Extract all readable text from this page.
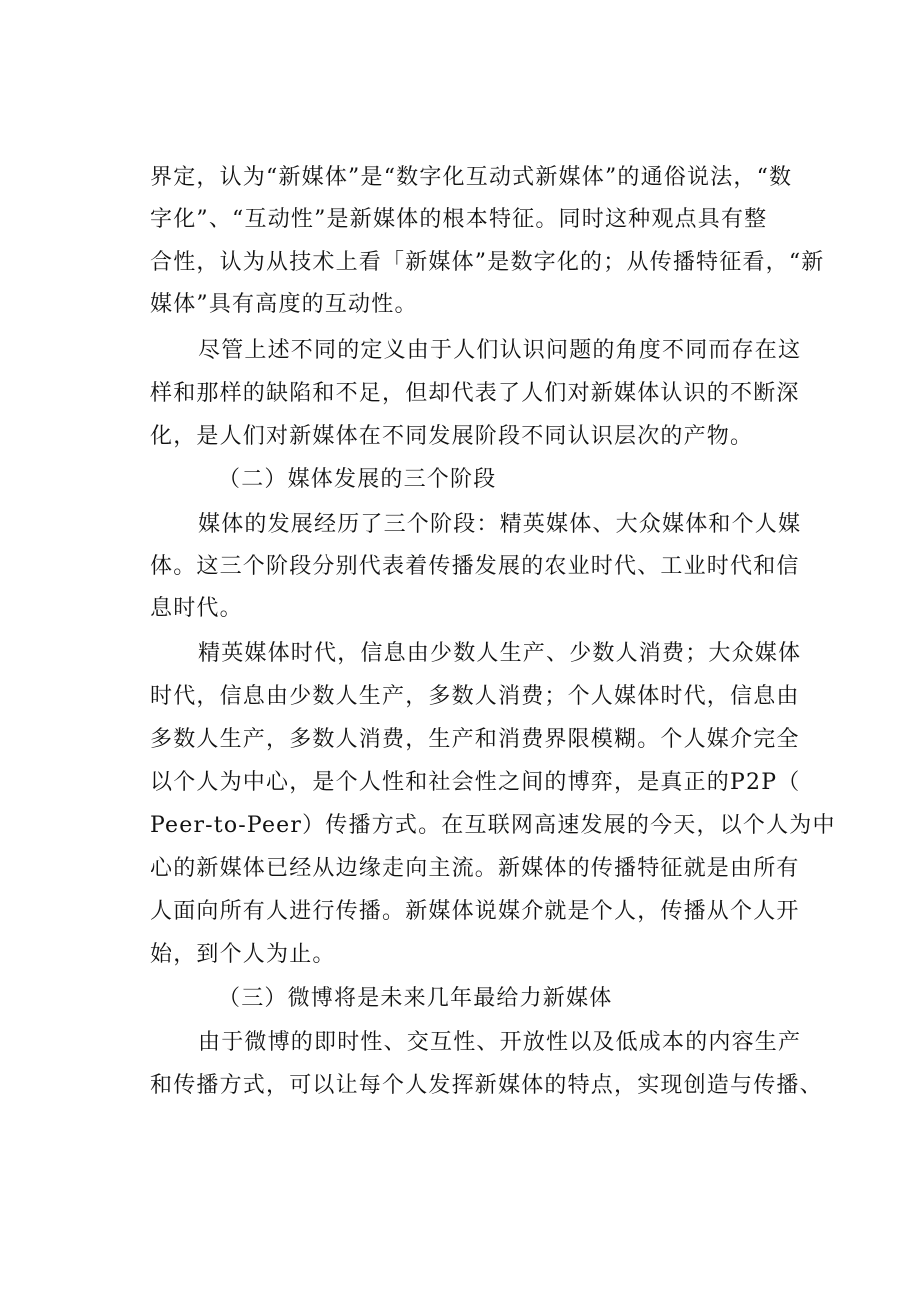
界定，认为“新媒体”是“数字化互动式新媒体”的通俗说法，“数
字化”、“互动性”是新媒体的根本特征。同时这种观点具有整
合性，认为从技术上看「新媒体”是数字化的；从传播特征看，“新
媒体”具有高度的互动性。
尽管上述不同的定义由于人们认识问题的角度不同而存在这
样和那样的缺陷和不足，但却代表了人们对新媒体认识的不断深
化，是人们对新媒体在不同发展阶段不同认识层次的产物。
（二）媒体发展的三个阶段
媒体的发展经历了三个阶段：精英媒体、大众媒体和个人媒
体。这三个阶段分别代表着传播发展的农业时代、工业时代和信
息时代。
精英媒体时代，信息由少数人生产、少数人消费；大众媒体
时代，信息由少数人生产，多数人消费；个人媒体时代，信息由
多数人生产，多数人消费，生产和消费界限模糊。个人媒介完全
以个人为中心，是个人性和社会性之间的博弈，是真正的P2P（
Peer-to-Peer）传播方式。在互联网高速发展的今天，以个人为中
心的新媒体已经从边缘走向主流。新媒体的传播特征就是由所有
人面向所有人进行传播。新媒体说媒介就是个人，传播从个人开
始，到个人为止。
（三）微博将是未来几年最给力新媒体
由于微博的即时性、交互性、开放性以及低成本的内容生产
和传播方式，可以让每个人发挥新媒体的特点，实现创造与传播、
